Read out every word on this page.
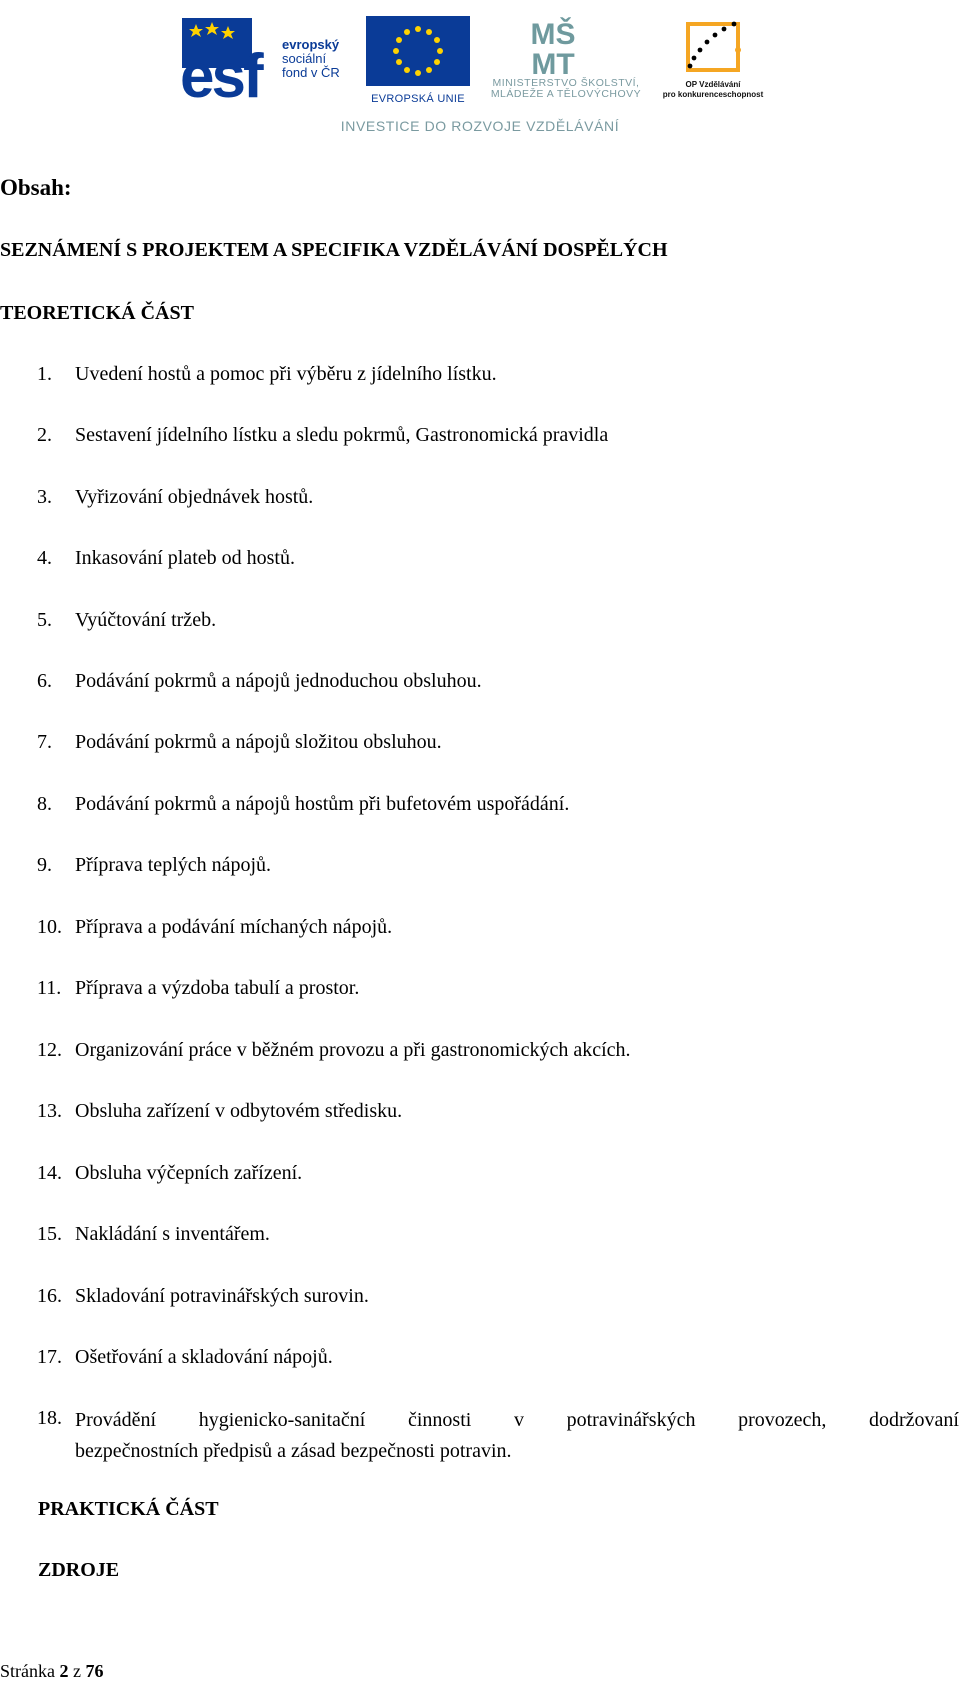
esf evropský
sociální
fond v ČR
EVROPSKÁ UNIE
MŠ
MT
MINISTERSTVO ŠKOLSTVÍ,
MLÁDEŽE A TĚLOVÝCHOVY
OP Vzdělávání
pro konkurenceschopnost
INVESTICE DO ROZVOJE VZDĚLÁVÁNÍ
Obsah:
SEZNÁMENÍ S PROJEKTEM A SPECIFIKA VZDĚLÁVÁNÍ DOSPĚLÝCH
TEORETICKÁ ČÁST
1.	Uvedení hostů a pomoc při výběru z jídelního lístku.
2.	Sestavení jídelního lístku a sledu pokrmů, Gastronomická pravidla
3.	Vyřizování objednávek hostů.
4.	Inkasování plateb od hostů.
5.	Vyúčtování tržeb.
6.	Podávání pokrmů a nápojů jednoduchou obsluhou.
7.	Podávání pokrmů a nápojů složitou obsluhou.
8.	Podávání pokrmů a nápojů hostům při bufetovém uspořádání.
9.	Příprava teplých nápojů.
10. Příprava a podávání míchaných nápojů.
11. Příprava a výzdoba tabulí a prostor.
12. Organizování práce v běžném provozu a při gastronomických akcích.
13. Obsluha zařízení v odbytovém středisku.
14. Obsluha výčepních zařízení.
15. Nakládání s inventářem.
16. Skladování potravinářských surovin.
17. Ošetřování a skladování nápojů.
18. Provádění hygienicko-sanitační činnosti v potravinářských provozech, dodržovaní
bezpečnostních předpisů a zásad bezpečnosti potravin.
PRAKTICKÁ ČÁST
ZDROJE
Stránka 2 z 76
